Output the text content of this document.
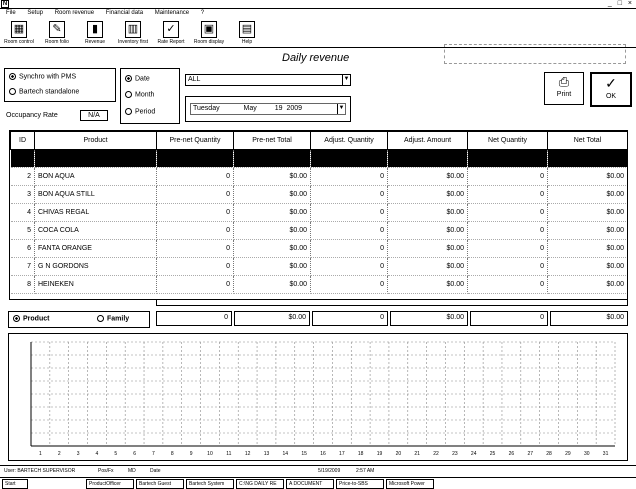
N	_ □ ×
File Setup Room revenue Financial data Maintenance ?
▦
Room control
✎
Room folio
▮
Revenue
▥
Inventory first
✓
Rate Report
▣
Room display
▤
Help
Daily revenue
Synchro with PMS
Bartech standalone
Occupancy Rate	N/A
Date
Month
Period
ALL	▼
Tuesday	May	19 2009	▼
⎙
Print
✓
OK
ID	Product	Pre-net Quantity	Pre-net Total	Adjust. Quantity	Adjust. Amount	Net Quantity	Net Total

2	BON AQUA	0	$0.00	0	$0.00	0	$0.00
3	BON AQUA STILL	0	$0.00	0	$0.00	0	$0.00
4	CHIVAS REGAL	0	$0.00	0	$0.00	0	$0.00
5	COCA COLA	0	$0.00	0	$0.00	0	$0.00
6	FANTA ORANGE	0	$0.00	0	$0.00	0	$0.00
7	G N GORDONS	0	$0.00	0	$0.00	0	$0.00
8	HEINEKEN	0	$0.00	0	$0.00	0	$0.00
Product	Family	0	$0.00	0	$0.00	0	$0.00
1	2	3	4	5	6	7	8	9	10	11	12	13	14	15	16	17	18	19	20	21	22	23	24	25	26	27	28	29	30	31
User: BARTECH SUPERVISOR	Pos/Fx	MD	Date	5/19/2009	2:57 AM
Start	ProductOfficer	Bartech Guest	Bartech System	C:\NG DAILY RE	A DOCUMENT	Price-to-SBS	Microsoft Power
